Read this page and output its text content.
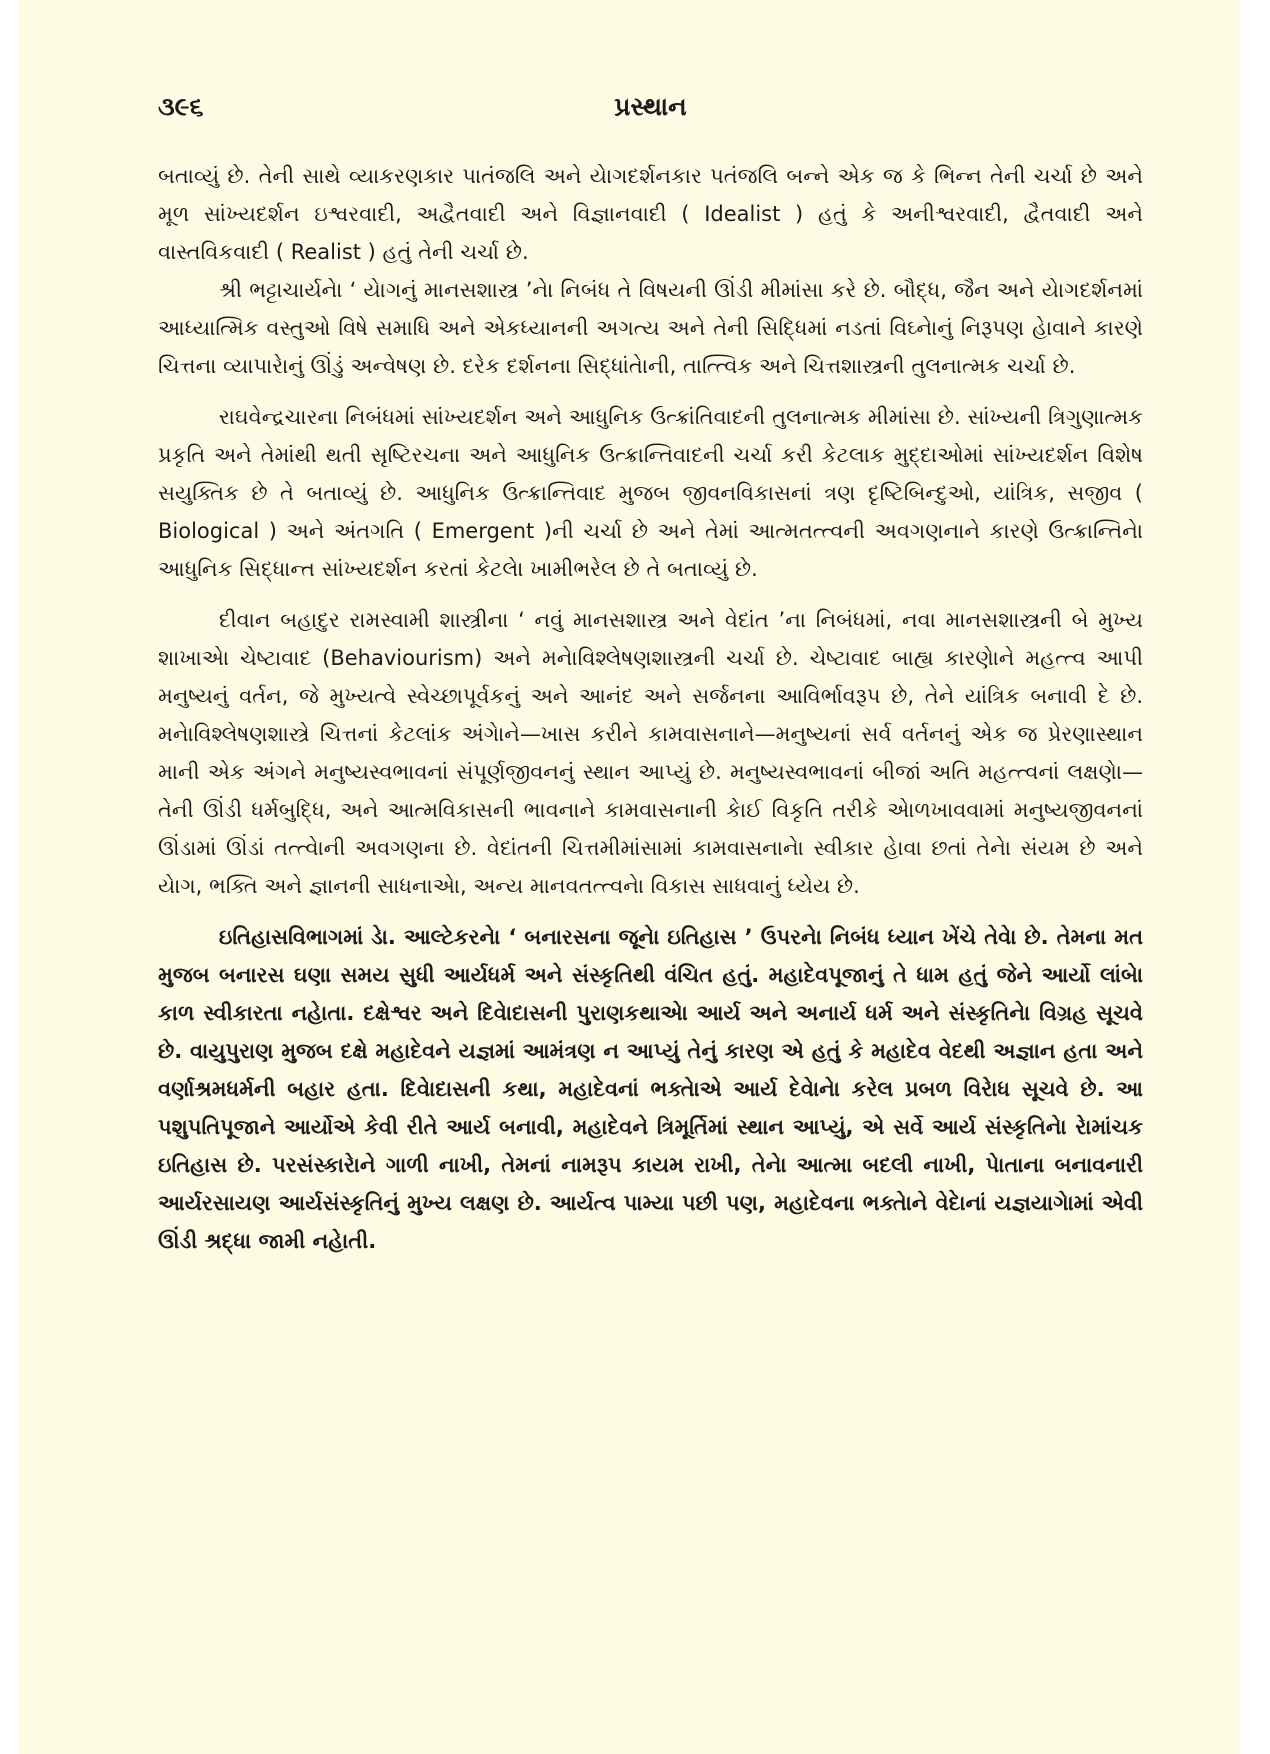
૩૯૬	પ્રસ્થાન

બતાવ્યું છે. તેની સાથે વ્યાકરણકાર પાતંજલિ અને યેાગદર્શનકાર પતંજલિ બન્ને એક જ કે ભિન્ન તેની ચર્ચા છે અને મૂળ સાંખ્યદર્શન ઇશ્વરવાદી, અદ્વૈતવાદી અને વિજ્ઞાનવાદી ( Idealist ) હતું કે અનીશ્વરવાદી, દ્વૈતવાદી અને વાસ્તવિકવાદી ( Realist ) હતું તેની ચર્ચા છે.

શ્રી ભટ્ટાચાર્યનેા ‘ યેાગનું માનસશાસ્ત્ર ’નેા નિબંધ તે વિષયની ઊંડી મીમાંસા કરે છે. બૌદ્ધ, જૈન અને યેાગદર્શનમાં આધ્યાત્મિક વસ્તુઓ વિષે સમાધિ અને એકધ્યાનની અગત્ય અને તેની સિદ્ધિમાં નડતાં વિઘ્નેાનું નિરૂપણ હેાવાને કારણે ચિત્તના વ્યાપારેાનું ઊંડું અન્વેષણ છે. દરેક દર્શનના સિદ્ધાંતેાની, તાત્ત્વિક અને ચિત્તશાસ્ત્રની તુલનાત્મક ચર્ચા છે.

રાઘવેન્દ્રચારના નિબંધમાં સાંખ્યદર્શન અને આધુનિક ઉત્ક્રાંતિવાદની તુલનાત્મક મીમાંસા છે. સાંખ્યની ત્રિગુણાત્મક પ્રકૃતિ અને તેમાંથી થતી સૃષ્ટિરચના અને આધુનિક ઉત્ક્રાન્તિવાદની ચર્ચા કરી કેટલાક મુદ્દાઓમાં સાંખ્યદર્શન વિશેષ સયુક્તિક છે તે બતાવ્યું છે. આધુનિક ઉત્ક્રાન્તિવાદ મુજબ જીવનવિકાસનાં ત્રણ દૃષ્ટિબિન્દુઓ, યાંત્રિક, સજીવ ( Biological ) અને અંતગતિ ( Emergent )ની ચર્ચા છે અને તેમાં આત્મતત્ત્વની અવગણનાને કારણે ઉત્ક્રાન્તિનેા આધુનિક સિદ્ધાન્ત સાંખ્યદર્શન કરતાં કેટલેા ખામીભરેલ છે તે બતાવ્યું છે.

દીવાન બહાદુર રામસ્વામી શાસ્ત્રીના ‘ નવું માનસશાસ્ત્ર અને વેદાંત ’ના નિબંધમાં, નવા માનસશાસ્ત્રની બે મુખ્ય શાખાએા ચેષ્ટાવાદ (Behaviourism) અને મનેાવિશ્લેષણશાસ્ત્રની ચર્ચા છે. ચેષ્ટાવાદ બાહ્ય કારણેાને મહત્ત્વ આપી મનુષ્યનું વર્તન, જે મુખ્યત્વે સ્વેચ્છાપૂર્વકનું અને આનંદ અને સર્જનના આવિર્ભાવરૂપ છે, તેને યાંત્રિક બનાવી દે છે. મનેાવિશ્લેષણશાસ્ત્રે ચિત્તનાં કેટલાંક અંગેાને—ખાસ કરીને કામવાસનાને—મનુષ્યનાં સર્વ વર્તનનું એક જ પ્રેરણાસ્થાન માની એક અંગને મનુષ્યસ્વભાવનાં સંપૂર્ણજીવનનું સ્થાન આપ્યું છે. મનુષ્યસ્વભાવનાં બીજાં અતિ મહત્ત્વનાં લક્ષણેા—તેની ઊંડી ધર્મબુદ્ધિ, અને આત્મવિકાસની ભાવનાને કામવાસનાની કેાઈ વિકૃતિ તરીકે એાળખાવવામાં મનુષ્યજીવનનાં ઊંડામાં ઊંડાં તત્ત્વેાની અવગણના છે. વેદાંતની ચિત્તમીમાંસામાં કામવાસનાનેા સ્વીકાર હેાવા છતાં તેનેા સંયમ છે અને યેાગ, ભક્તિ અને જ્ઞાનની સાધનાએા, અન્ય માનવતત્ત્વનેા વિકાસ સાધવાનું ધ્યેય છે.

ઇતિહાસવિભાગમાં ડેા. આલ્ટેકરનેા ‘ બનારસના જૂનેા ઇતિહાસ ’ ઉપરનેા નિબંધ ધ્યાન ખેંચે તેવેા છે. તેમના મત મુજબ બનારસ ઘણા સમય સુધી આર્યધર્મ અને સંસ્કૃતિથી વંચિત હતું. મહાદેવપૂજાનું તે ધામ હતું જેને આર્યો લાંબેા કાળ સ્વીકારતા નહેાતા. દક્ષેશ્વર અને દિવેાદાસની પુરાણકથાએા આર્ય અને અનાર્ય ધર્મ અને સંસ્કૃતિનેા વિગ્રહ સૂચવે છે. વાયુપુરાણ મુજબ દક્ષે મહાદેવને યજ્ઞમાં આમંત્રણ ન આપ્યું તેનું કારણ એ હતું કે મહાદેવ વેદથી અજ્ઞાન હતા અને વર્ણાશ્રમધર્મની બહાર હતા. દિવેાદાસની કથા, મહાદેવનાં ભક્તેાએ આર્ય દેવેાનેા કરેલ પ્રબળ વિરેાધ સૂચવે છે. આ પશુપતિપૂજાને આર્યોએ કેવી રીતે આર્ય બનાવી, મહાદેવને ત્રિમૂર્તિમાં સ્થાન આપ્યું, એ સર્વે આર્ય સંસ્કૃતિનેા રેામાંચક ઇતિહાસ છે. પરસંસ્કારેાને ગાળી નાખી, તેમનાં નામરૂપ કાયમ રાખી, તેનેા આત્મા બદલી નાખી, પેાતાના બનાવનારી આર્યરસાયણ આર્યસંસ્કૃતિનું મુખ્ય લક્ષણ છે. આર્યત્વ પામ્યા પછી પણ, મહાદેવના ભક્તેાને વેદેાનાં યજ્ઞયાગેામાં એવી ઊંડી શ્રદ્ધા જામી નહેાતી.
